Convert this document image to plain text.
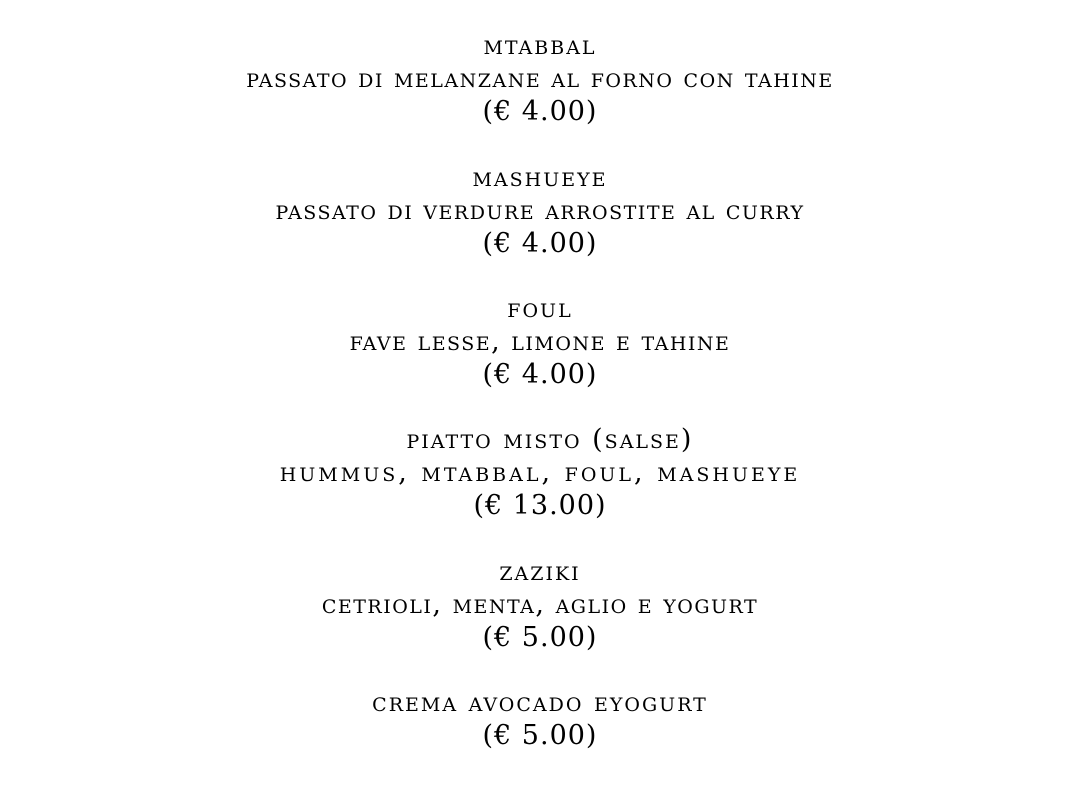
mtabbal
passato di melanzane al forno con tahine
(€ 4.00)
mashueye
passato di verdure arrostite al curry
(€ 4.00)
foul
fave lesse, limone e tahine
(€ 4.00)
piatto misto (salse)
hummus, mtabbal, foul, mashueye
(€ 13.00)
zaziki
cetrioli, menta, aglio e yogurt
(€ 5.00)
crema avocado eyogurt
(€ 5.00)
